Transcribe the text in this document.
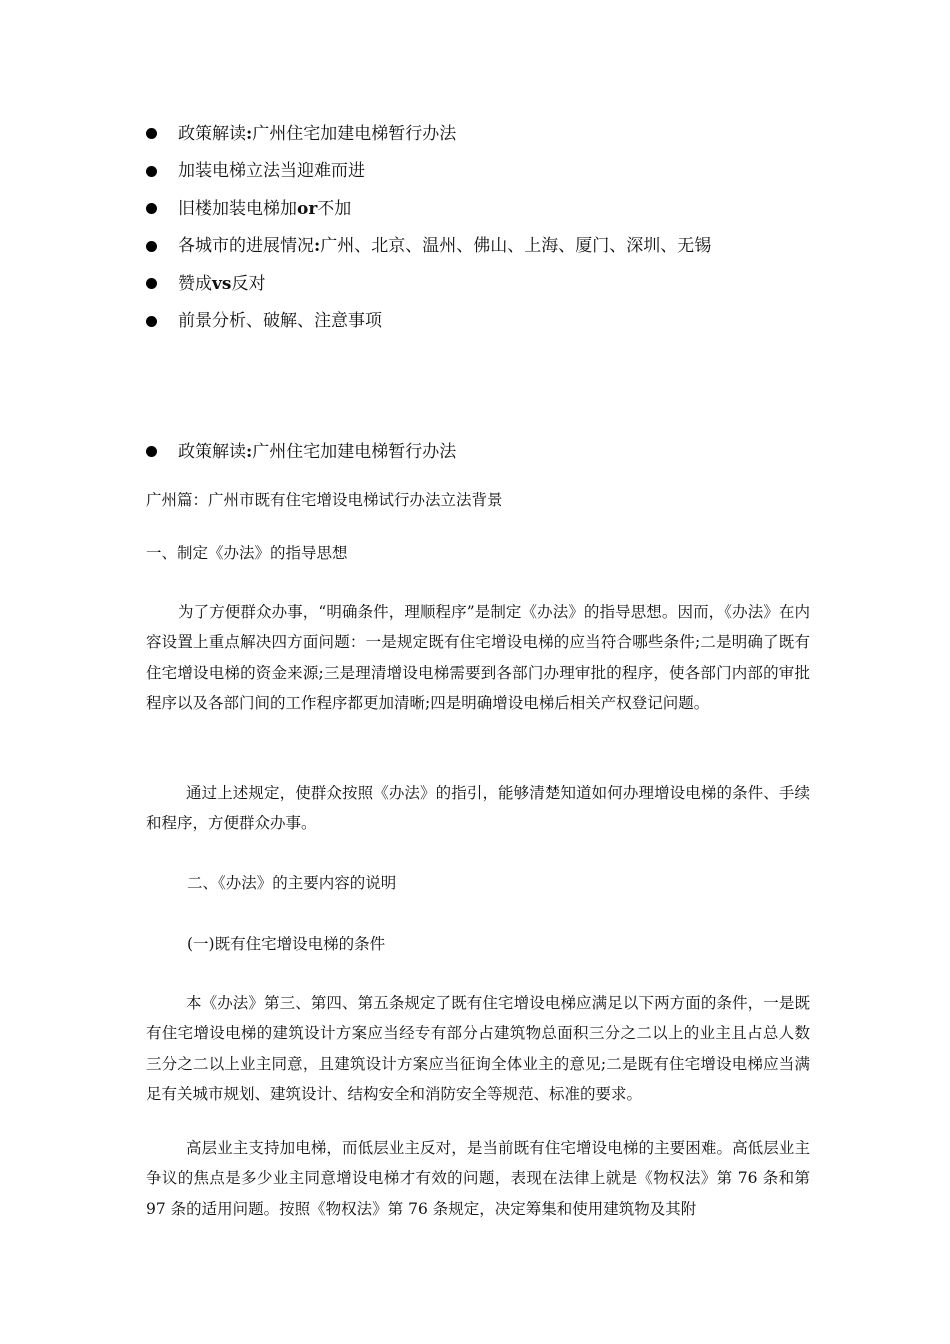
政策解读 : 广州住宅加建电梯暂行办法
加装电梯立法当迎难而进
旧楼加装电梯加 or 不加
各城市的进展情况 : 广州、北京、温州、佛山、上海、厦门、深圳、无锡
赞成 vs 反对
前景分析、破解、注意事项
政策解读 : 广州住宅加建电梯暂行办法
广州篇：广州市既有住宅增设电梯试行办法立法背景
一、制定《办法》的指导思想

为了方便群众办事，“明确条件，理顺程序”是制定《办法》的指导思想。因而，《办法》在内容设置上重点解决四方面问题：一是规定既有住宅增设电梯的应当符合哪些条件;二是明确了既有住宅增设电梯的资金来源;三是理清增设电梯需要到各部门办理审批的程序，使各部门内部的审批程序以及各部门间的工作程序都更加清晰;四是明确增设电梯后相关产权登记问题。

通过上述规定，使群众按照《办法》的指引，能够清楚知道如何办理增设电梯的条件、手续和程序，方便群众办事。

二、《办法》的主要内容的说明
(一)既有住宅增设电梯的条件

本《办法》第三、第四、第五条规定了既有住宅增设电梯应满足以下两方面的条件，一是既有住宅增设电梯的建筑设计方案应当经专有部分占建筑物总面积三分之二以上的业主且占总人数三分之二以上业主同意，且建筑设计方案应当征询全体业主的意见;二是既有住宅增设电梯应当满足有关城市规划、建筑设计、结构安全和消防安全等规范、标准的要求。

高层业主支持加电梯，而低层业主反对，是当前既有住宅增设电梯的主要困难。高低层业主争议的焦点是多少业主同意增设电梯才有效的问题，表现在法律上就是《物权法》第 76 条和第 97 条的适用问题。按照《物权法》第 76 条规定，决定筹集和使用建筑物及其附
